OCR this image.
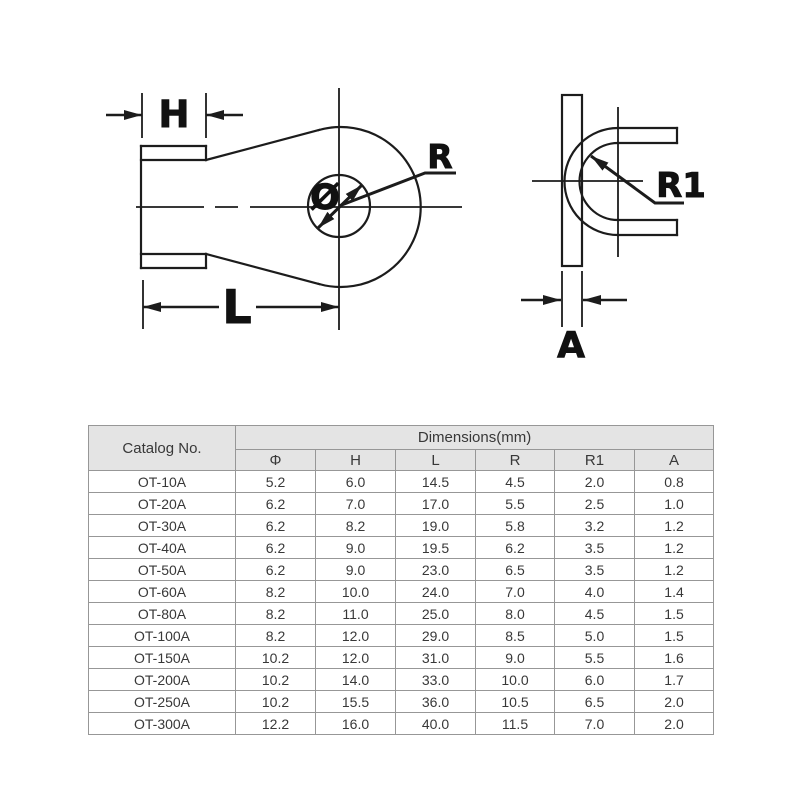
H
L
Ø
R
R1
A
Catalog No.	Dimensions(mm)					
	Φ	H	L	R	R1	A
OT-10A	5.2	6.0	14.5	4.5	2.0	0.8
OT-20A	6.2	7.0	17.0	5.5	2.5	1.0
OT-30A	6.2	8.2	19.0	5.8	3.2	1.2
OT-40A	6.2	9.0	19.5	6.2	3.5	1.2
OT-50A	6.2	9.0	23.0	6.5	3.5	1.2
OT-60A	8.2	10.0	24.0	7.0	4.0	1.4
OT-80A	8.2	11.0	25.0	8.0	4.5	1.5
OT-100A	8.2	12.0	29.0	8.5	5.0	1.5
OT-150A	10.2	12.0	31.0	9.0	5.5	1.6
OT-200A	10.2	14.0	33.0	10.0	6.0	1.7
OT-250A	10.2	15.5	36.0	10.5	6.5	2.0
OT-300A	12.2	16.0	40.0	11.5	7.0	2.0
